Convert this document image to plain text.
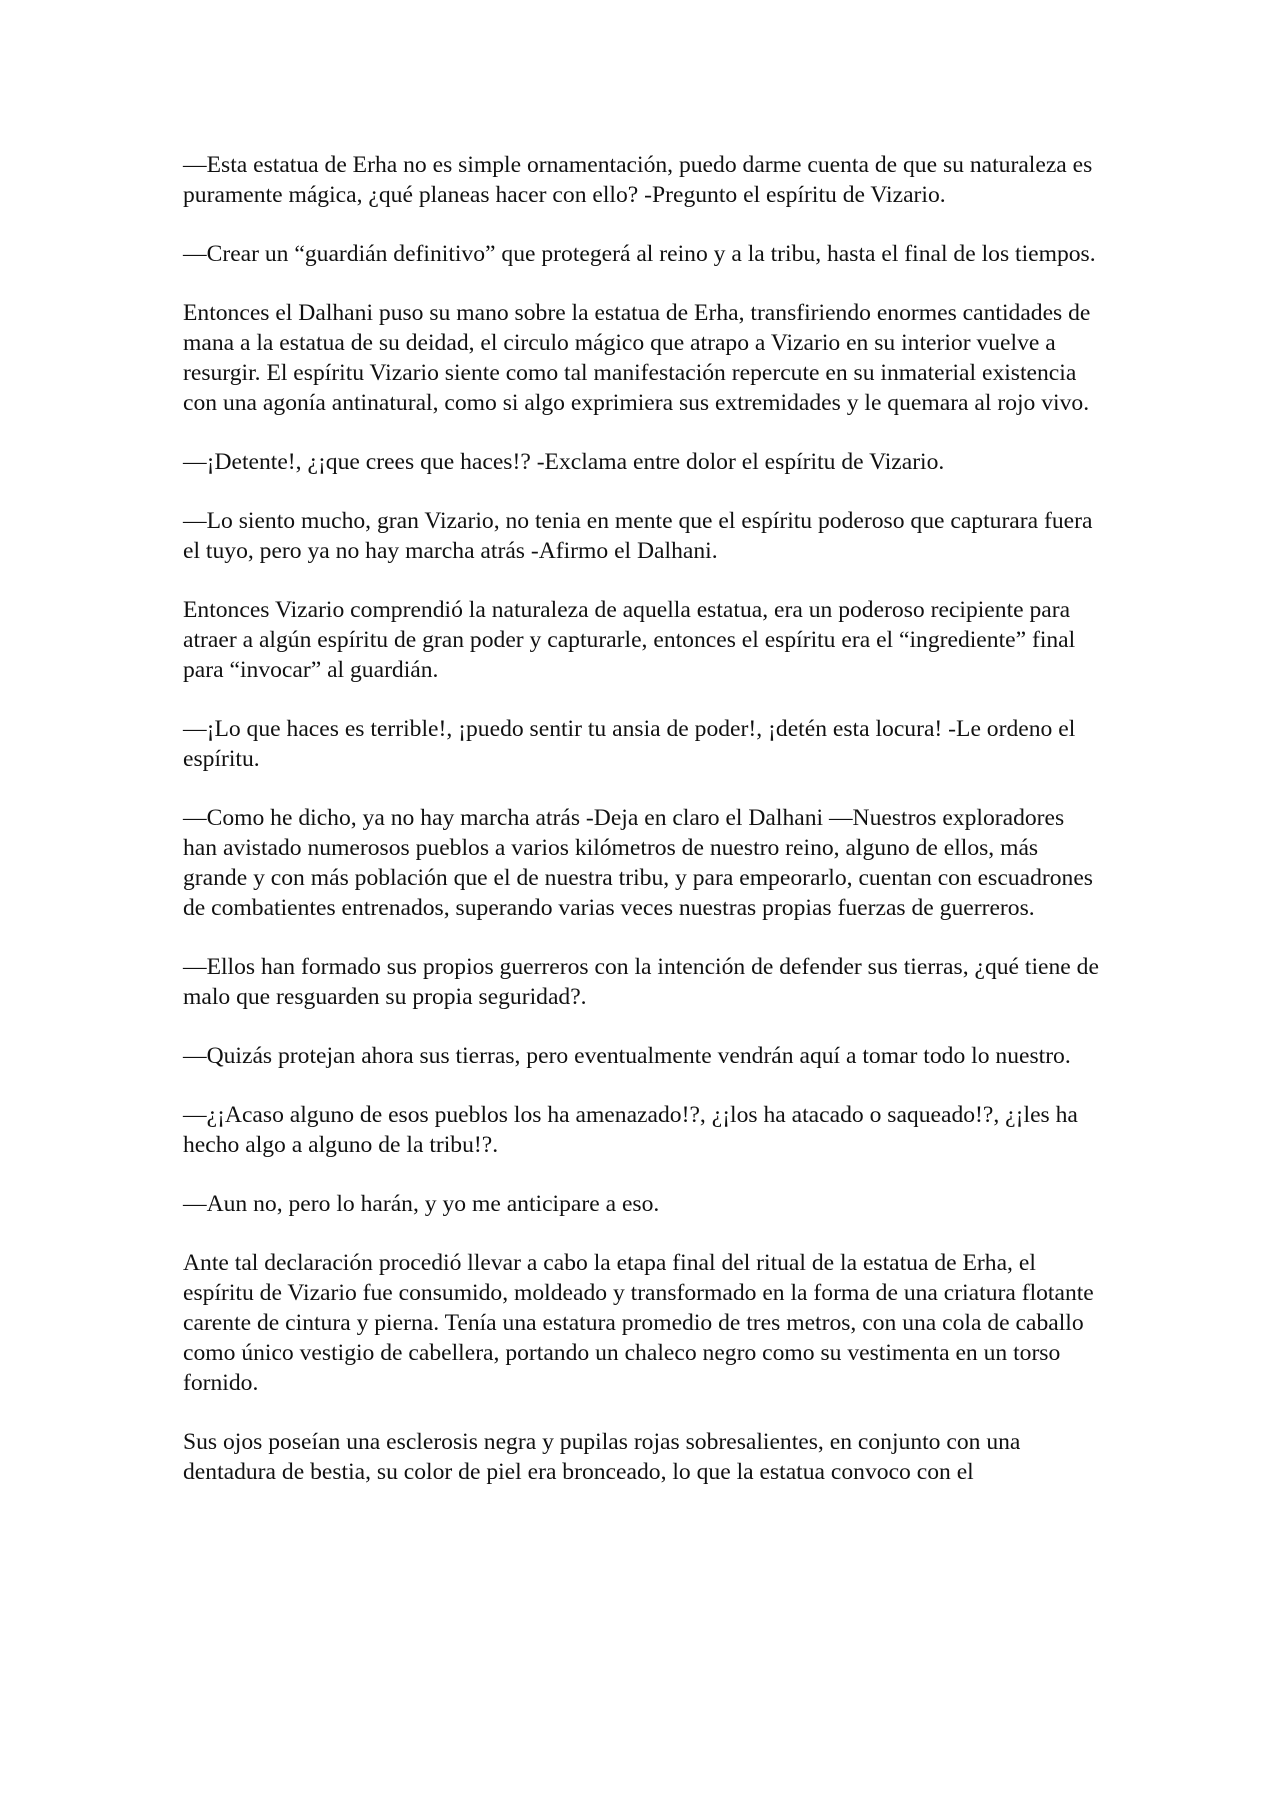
—Esta estatua de Erha no es simple ornamentación, puedo darme cuenta de que su naturaleza es puramente mágica, ¿qué planeas hacer con ello? -Pregunto el espíritu de Vizario.

—Crear un “guardián definitivo” que protegerá al reino y a la tribu, hasta el final de los tiempos.

Entonces el Dalhani puso su mano sobre la estatua de Erha, transfiriendo enormes cantidades de mana a la estatua de su deidad, el circulo mágico que atrapo a Vizario en su interior vuelve a resurgir. El espíritu Vizario siente como tal manifestación repercute en su inmaterial existencia con una agonía antinatural, como si algo exprimiera sus extremidades y le quemara al rojo vivo.

—¡Detente!, ¿¡que crees que haces!? -Exclama entre dolor el espíritu de Vizario.

—Lo siento mucho, gran Vizario, no tenia en mente que el espíritu poderoso que capturara fuera el tuyo, pero ya no hay marcha atrás -Afirmo el Dalhani.

Entonces Vizario comprendió la naturaleza de aquella estatua, era un poderoso recipiente para atraer a algún espíritu de gran poder y capturarle, entonces el espíritu era el “ingrediente” final para “invocar” al guardián.

—¡Lo que haces es terrible!, ¡puedo sentir tu ansia de poder!, ¡detén esta locura! -Le ordeno el espíritu.

—Como he dicho, ya no hay marcha atrás -Deja en claro el Dalhani —Nuestros exploradores han avistado numerosos pueblos a varios kilómetros de nuestro reino, alguno de ellos, más grande y con más población que el de nuestra tribu, y para empeorarlo, cuentan con escuadrones de combatientes entrenados, superando varias veces nuestras propias fuerzas de guerreros.

—Ellos han formado sus propios guerreros con la intención de defender sus tierras, ¿qué tiene de malo que resguarden su propia seguridad?.

—Quizás protejan ahora sus tierras, pero eventualmente vendrán aquí a tomar todo lo nuestro.

—¿¡Acaso alguno de esos pueblos los ha amenazado!?, ¿¡los ha atacado o saqueado!?, ¿¡les ha hecho algo a alguno de la tribu!?.

—Aun no, pero lo harán, y yo me anticipare a eso.

Ante tal declaración procedió llevar a cabo la etapa final del ritual de la estatua de Erha, el espíritu de Vizario fue consumido, moldeado y transformado en la forma de una criatura flotante carente de cintura y pierna. Tenía una estatura promedio de tres metros, con una cola de caballo como único vestigio de cabellera, portando un chaleco negro como su vestimenta en un torso fornido.

Sus ojos poseían una esclerosis negra y pupilas rojas sobresalientes, en conjunto con una dentadura de bestia, su color de piel era bronceado, lo que la estatua convoco con el
